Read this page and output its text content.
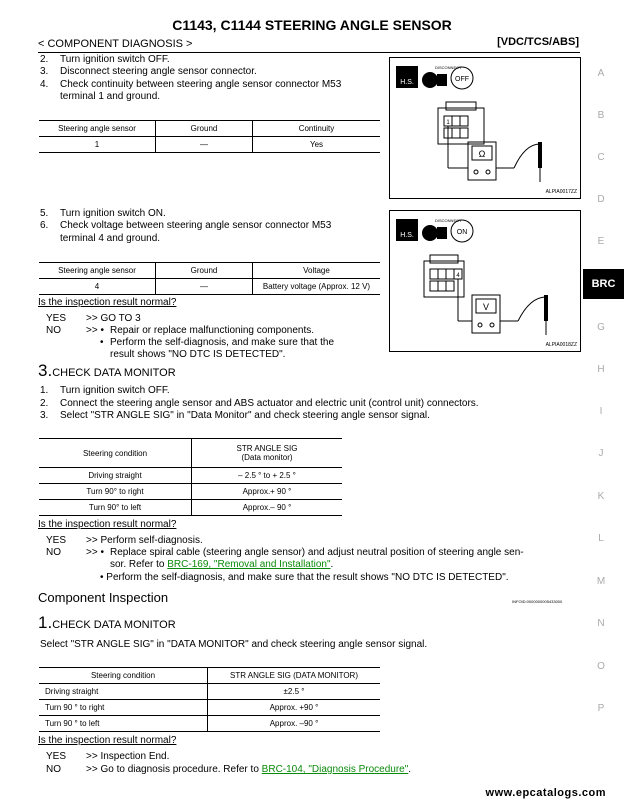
C1143, C1144 STEERING ANGLE SENSOR
< COMPONENT DIAGNOSIS >	[VDC/TCS/ABS]
2. Turn ignition switch OFF.
3. Disconnect steering angle sensor connector.
4. Check continuity between steering angle sensor connector M53
terminal 1 and ground.
Steering angle sensor	Ground	Continuity
1	—	Yes
H.S.
DISCONNECT
OFF
1
Ω
ALPIA0017ZZ
5. Turn ignition switch ON.
6. Check voltage between steering angle sensor connector M53
terminal 4 and ground.
Steering angle sensor	Ground	Voltage
4	—	Battery voltage (Approx. 12 V)
H.S.
DISCONNECT
ON
4
V
ALPIA0018ZZ
Is the inspection result normal?
YES >> GO TO 3
NO	>> • Repair or replace malfunctioning components.
• Perform the self-diagnosis, and make sure that the
result shows "NO DTC IS DETECTED".
3.CHECK DATA MONITOR
1. Turn ignition switch OFF.
2. Connect the steering angle sensor and ABS actuator and electric unit (control unit) connectors.
3. Select "STR ANGLE SIG" in "Data Monitor" and check steering angle sensor signal.
Steering condition	STR ANGLE SIG
(Data monitor)

Driving straight	– 2.5 ° to + 2.5 °
Turn 90° to right	Approx.+ 90 °
Turn 90° to left	Approx.– 90 °
Is the inspection result normal?
YES >> Perform self-diagnosis.
NO	>> • Replace spiral cable (steering angle sensor) and adjust neutral position of steering angle sen-
sor. Refer to BRC-169, "Removal and Installation".
• Perform the self-diagnosis, and make sure that the result shows "NO DTC IS DETECTED".
Component Inspection	INFOID:0000000005433000
1.CHECK DATA MONITOR
Select "STR ANGLE SIG" in "DATA MONITOR" and check steering angle sensor signal.
Steering condition	STR ANGLE SIG (DATA MONITOR)
Driving straight	±2.5 °
Turn 90 ° to right	Approx. +90 °
Turn 90 ° to left	Approx. –90 °
Is the inspection result normal?
YES >> Inspection End.
NO	>> Go to diagnosis procedure. Refer to BRC-104, "Diagnosis Procedure".
A
B
C
D
E
BRC
G
H
I
J
K
L
M
N
O
P
www.epcatalogs.com
